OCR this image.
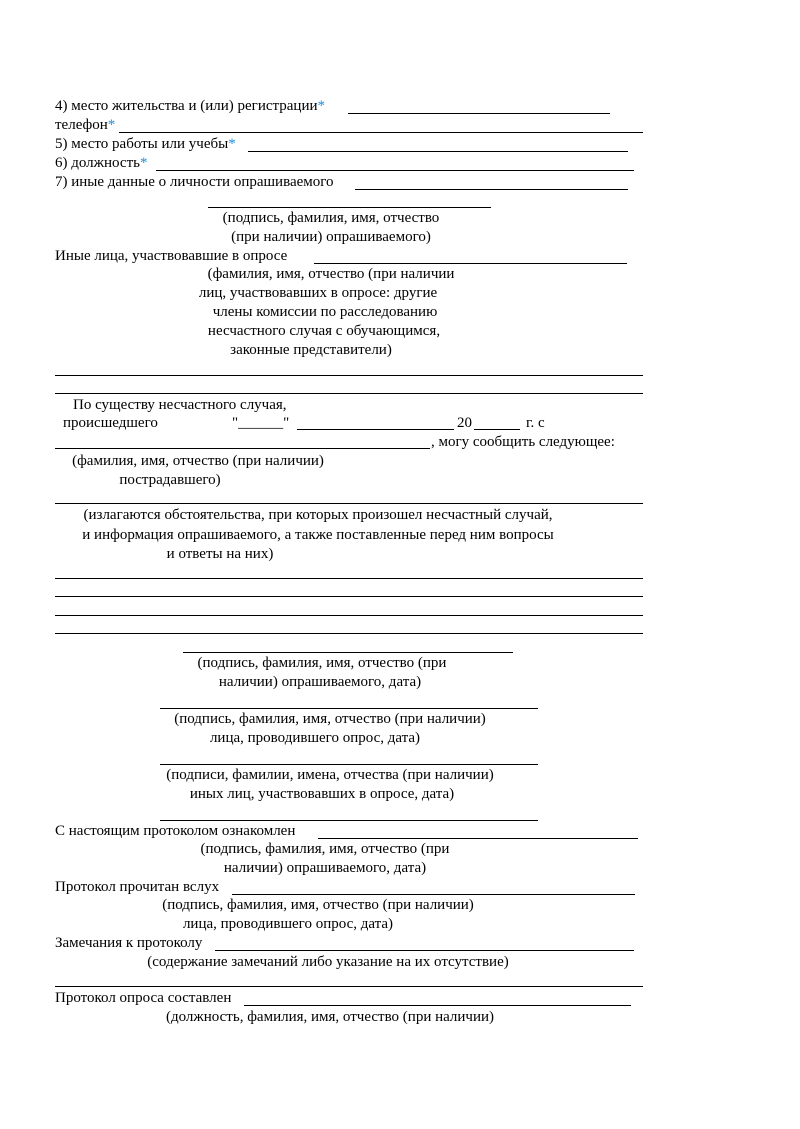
4) место жительства и (или) регистрации*
телефон*
5) место работы или учебы*
6) должность*
7) иные данные о личности опрашиваемого
(подпись, фамилия, имя, отчество
(при наличии) опрашиваемого)
Иные лица, участвовавшие в опросе
(фамилия, имя, отчество (при наличии
лиц, участвовавших в опросе: другие
члены комиссии по расследованию
несчастного случая с обучающимся,
законные представители)
По существу несчастного случая,
происшедшего	"______"	20	г. с
, могу сообщить следующее:
(фамилия, имя, отчество (при наличии)
пострадавшего)
(излагаются обстоятельства, при которых произошел несчастный случай,
и информация опрашиваемого, а также поставленные перед ним вопросы
и ответы на них)
(подпись, фамилия, имя, отчество (при
наличии) опрашиваемого, дата)
(подпись, фамилия, имя, отчество (при наличии)
лица, проводившего опрос, дата)
(подписи, фамилии, имена, отчества (при наличии)
иных лиц, участвовавших в опросе, дата)
С настоящим протоколом ознакомлен
(подпись, фамилия, имя, отчество (при
наличии) опрашиваемого, дата)
Протокол прочитан вслух
(подпись, фамилия, имя, отчество (при наличии)
лица, проводившего опрос, дата)
Замечания к протоколу
(содержание замечаний либо указание на их отсутствие)
Протокол опроса составлен
(должность, фамилия, имя, отчество (при наличии)
